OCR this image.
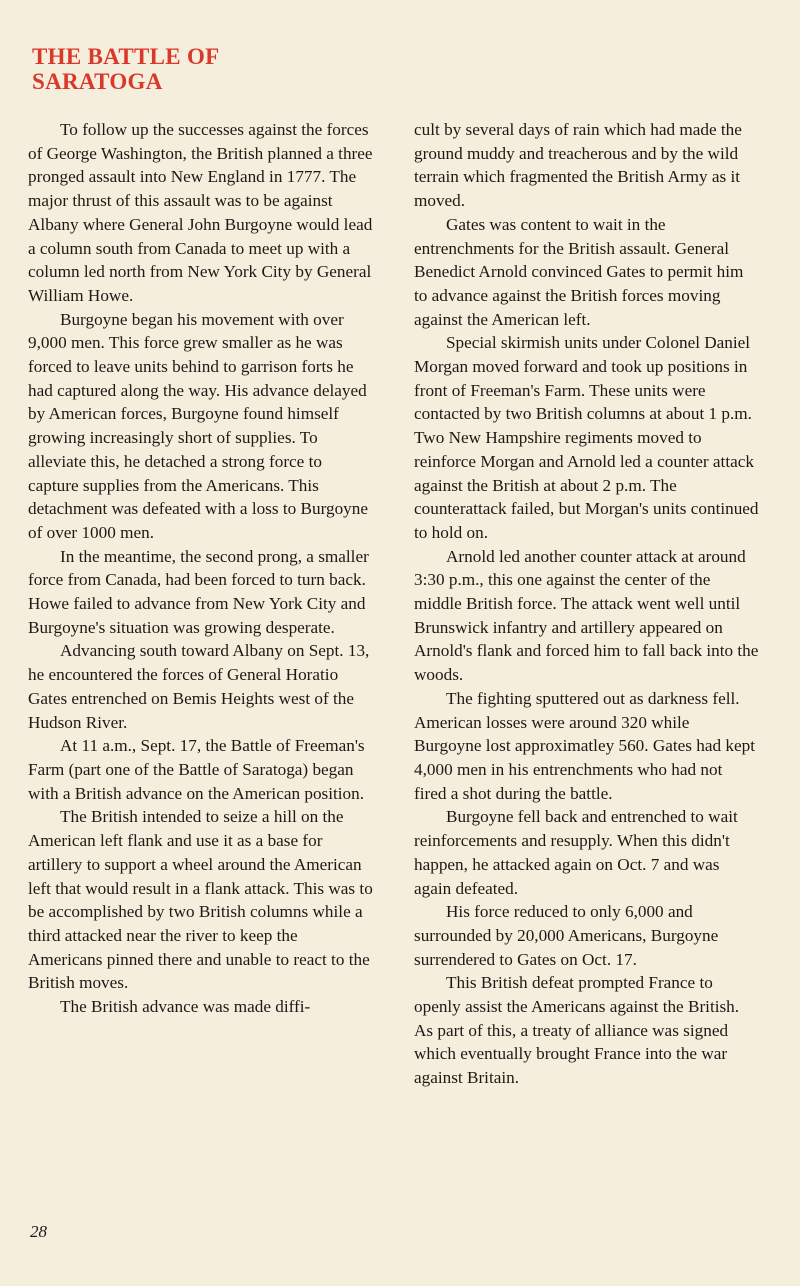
THE BATTLE OF
SARATOGA

To follow up the successes against the forces of George Washington, the British planned a three pronged assault into New England in 1777. The major thrust of this assault was to be against Albany where General John Burgoyne would lead a column south from Canada to meet up with a column led north from New York City by General William Howe.

Burgoyne began his movement with over 9,000 men. This force grew smaller as he was forced to leave units behind to garrison forts he had captured along the way. His advance delayed by American forces, Burgoyne found himself growing increasingly short of supplies. To alleviate this, he detached a strong force to capture supplies from the Americans. This detachment was defeated with a loss to Burgoyne of over 1000 men.

In the meantime, the second prong, a smaller force from Canada, had been forced to turn back. Howe failed to advance from New York City and Burgoyne's situation was growing desperate.

Advancing south toward Albany on Sept. 13, he encountered the forces of General Horatio Gates entrenched on Bemis Heights west of the Hudson River.

At 11 a.m., Sept. 17, the Battle of Freeman's Farm (part one of the Battle of Saratoga) began with a British advance on the American position.

The British intended to seize a hill on the American left flank and use it as a base for artillery to support a wheel around the American left that would result in a flank attack. This was to be accomplished by two British columns while a third attacked near the river to keep the Americans pinned there and unable to react to the British moves.

The British advance was made diffi-

cult by several days of rain which had made the ground muddy and treacherous and by the wild terrain which fragmented the British Army as it moved.

Gates was content to wait in the entrenchments for the British assault. General Benedict Arnold convinced Gates to permit him to advance against the British forces moving against the American left.

Special skirmish units under Colonel Daniel Morgan moved forward and took up positions in front of Freeman's Farm. These units were contacted by two British columns at about 1 p.m. Two New Hampshire regiments moved to reinforce Morgan and Arnold led a counter attack against the British at about 2 p.m. The counterattack failed, but Morgan's units continued to hold on.

Arnold led another counter attack at around 3:30 p.m., this one against the center of the middle British force. The attack went well until Brunswick infantry and artillery appeared on Arnold's flank and forced him to fall back into the woods.

The fighting sputtered out as darkness fell. American losses were around 320 while Burgoyne lost approximatley 560. Gates had kept 4,000 men in his entrenchments who had not fired a shot during the battle.

Burgoyne fell back and entrenched to wait reinforcements and resupply. When this didn't happen, he attacked again on Oct. 7 and was again defeated.

His force reduced to only 6,000 and surrounded by 20,000 Americans, Burgoyne surrendered to Gates on Oct. 17.

This British defeat prompted France to openly assist the Americans against the British. As part of this, a treaty of alliance was signed which eventually brought France into the war against Britain.

28
